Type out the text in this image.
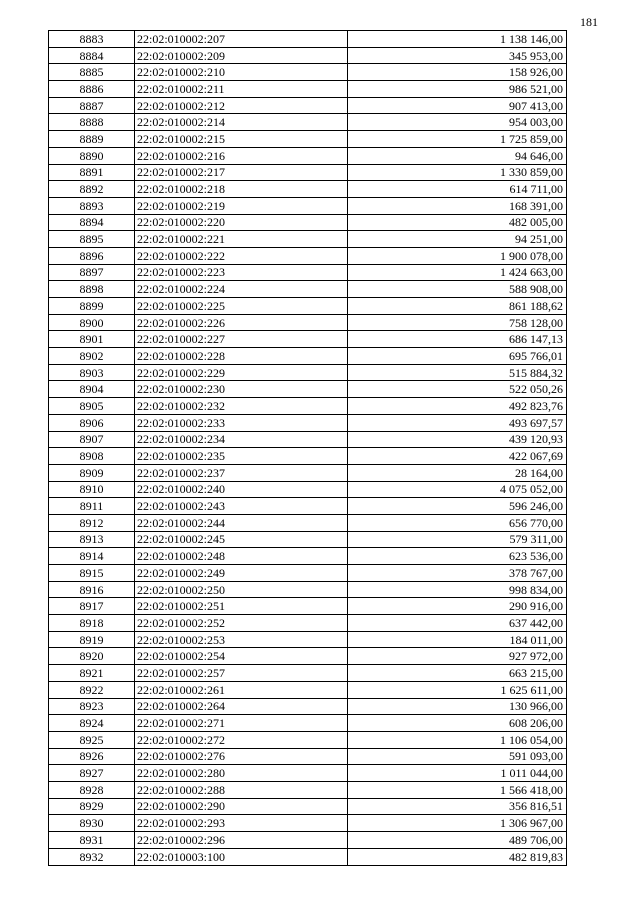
181
8883	22:02:010002:207	1 138 146,00
8884	22:02:010002:209	345 953,00
8885	22:02:010002:210	158 926,00
8886	22:02:010002:211	986 521,00
8887	22:02:010002:212	907 413,00
8888	22:02:010002:214	954 003,00
8889	22:02:010002:215	1 725 859,00
8890	22:02:010002:216	94 646,00
8891	22:02:010002:217	1 330 859,00
8892	22:02:010002:218	614 711,00
8893	22:02:010002:219	168 391,00
8894	22:02:010002:220	482 005,00
8895	22:02:010002:221	94 251,00
8896	22:02:010002:222	1 900 078,00
8897	22:02:010002:223	1 424 663,00
8898	22:02:010002:224	588 908,00
8899	22:02:010002:225	861 188,62
8900	22:02:010002:226	758 128,00
8901	22:02:010002:227	686 147,13
8902	22:02:010002:228	695 766,01
8903	22:02:010002:229	515 884,32
8904	22:02:010002:230	522 050,26
8905	22:02:010002:232	492 823,76
8906	22:02:010002:233	493 697,57
8907	22:02:010002:234	439 120,93
8908	22:02:010002:235	422 067,69
8909	22:02:010002:237	28 164,00
8910	22:02:010002:240	4 075 052,00
8911	22:02:010002:243	596 246,00
8912	22:02:010002:244	656 770,00
8913	22:02:010002:245	579 311,00
8914	22:02:010002:248	623 536,00
8915	22:02:010002:249	378 767,00
8916	22:02:010002:250	998 834,00
8917	22:02:010002:251	290 916,00
8918	22:02:010002:252	637 442,00
8919	22:02:010002:253	184 011,00
8920	22:02:010002:254	927 972,00
8921	22:02:010002:257	663 215,00
8922	22:02:010002:261	1 625 611,00
8923	22:02:010002:264	130 966,00
8924	22:02:010002:271	608 206,00
8925	22:02:010002:272	1 106 054,00
8926	22:02:010002:276	591 093,00
8927	22:02:010002:280	1 011 044,00
8928	22:02:010002:288	1 566 418,00
8929	22:02:010002:290	356 816,51
8930	22:02:010002:293	1 306 967,00
8931	22:02:010002:296	489 706,00
8932	22:02:010003:100	482 819,83
